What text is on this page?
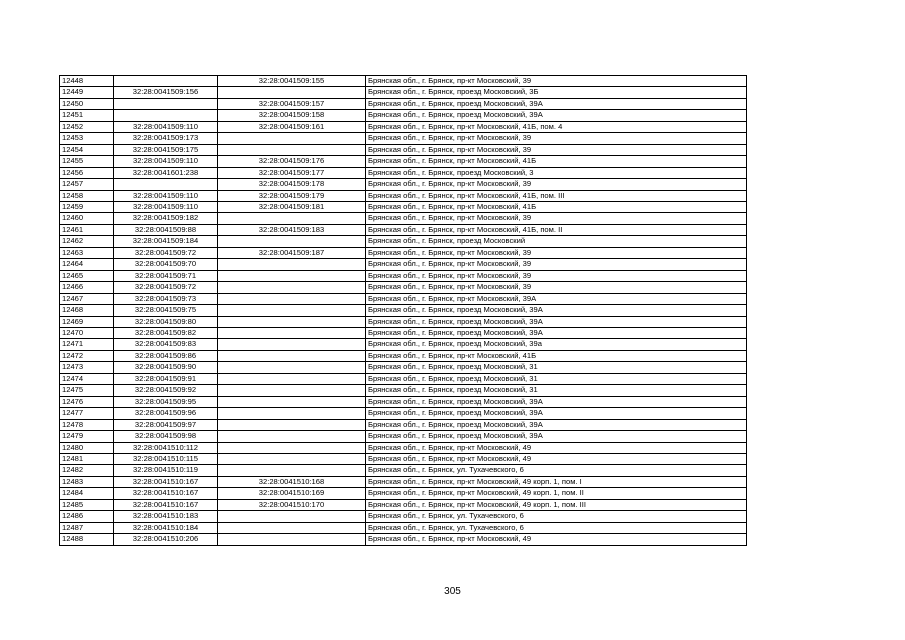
12448		32:28:0041509:155	Брянская обл., г. Брянск, пр-кт Московский, 39
12449	32:28:0041509:156		Брянская обл., г. Брянск, проезд Московский, 3Б
12450		32:28:0041509:157	Брянская обл., г. Брянск, проезд Московский, 39А
12451		32:28:0041509:158	Брянская обл., г. Брянск, проезд Московский, 39А
12452	32:28:0041509:110	32:28:0041509:161	Брянская обл., г. Брянск, пр-кт Московский, 41Б, пом. 4
12453	32:28:0041509:173		Брянская обл., г. Брянск, пр-кт Московский, 39
12454	32:28:0041509:175		Брянская обл., г. Брянск, пр-кт Московский, 39
12455	32:28:0041509:110	32:28:0041509:176	Брянская обл., г. Брянск, пр-кт Московский, 41Б
12456	32:28:0041601:238	32:28:0041509:177	Брянская обл., г. Брянск, проезд Московский, 3
12457		32:28:0041509:178	Брянская обл., г. Брянск, пр-кт Московский, 39
12458	32:28:0041509:110	32:28:0041509:179	Брянская обл., г. Брянск, пр-кт Московский, 41Б, пом. III
12459	32:28:0041509:110	32:28:0041509:181	Брянская обл., г. Брянск, пр-кт Московский, 41Б
12460	32:28:0041509:182		Брянская обл., г. Брянск, пр-кт Московский, 39
12461	32:28:0041509:88	32:28:0041509:183	Брянская обл., г. Брянск, пр-кт Московский, 41Б, пом. II
12462	32:28:0041509:184		Брянская обл., г. Брянск, проезд Московский
12463	32:28:0041509:72	32:28:0041509:187	Брянская обл., г. Брянск, пр-кт Московский, 39
12464	32:28:0041509:70		Брянская обл., г. Брянск, пр-кт Московский, 39
12465	32:28:0041509:71		Брянская обл., г. Брянск, пр-кт Московский, 39
12466	32:28:0041509:72		Брянская обл., г. Брянск, пр-кт Московский, 39
12467	32:28:0041509:73		Брянская обл., г. Брянск, пр-кт Московский, 39А
12468	32:28:0041509:75		Брянская обл., г. Брянск, проезд Московский, 39А
12469	32:28:0041509:80		Брянская обл., г. Брянск, проезд Московский, 39А
12470	32:28:0041509:82		Брянская обл., г. Брянск, проезд Московский, 39А
12471	32:28:0041509:83		Брянская обл., г. Брянск, проезд Московский, 39а
12472	32:28:0041509:86		Брянская обл., г. Брянск, пр-кт Московский, 41Б
12473	32:28:0041509:90		Брянская обл., г. Брянск, проезд Московский, 31
12474	32:28:0041509:91		Брянская обл., г. Брянск, проезд Московский, 31
12475	32:28:0041509:92		Брянская обл., г. Брянск, проезд Московский, 31
12476	32:28:0041509:95		Брянская обл., г. Брянск, проезд Московский, 39А
12477	32:28:0041509:96		Брянская обл., г. Брянск, проезд Московский, 39А
12478	32:28:0041509:97		Брянская обл., г. Брянск, проезд Московский, 39А
12479	32:28:0041509:98		Брянская обл., г. Брянск, проезд Московский, 39А
12480	32:28:0041510:112		Брянская обл., г. Брянск, пр-кт Московский, 49
12481	32:28:0041510:115		Брянская обл., г. Брянск, пр-кт Московский, 49
12482	32:28:0041510:119		Брянская обл., г. Брянск, ул. Тухачевского, 6
12483	32:28:0041510:167	32:28:0041510:168	Брянская обл., г. Брянск, пр-кт Московский, 49 корп. 1, пом. I
12484	32:28:0041510:167	32:28:0041510:169	Брянская обл., г. Брянск, пр-кт Московский, 49 корп. 1, пом. II
12485	32:28:0041510:167	32:28:0041510:170	Брянская обл., г. Брянск, пр-кт Московский, 49 корп. 1, пом. III
12486	32:28:0041510:183		Брянская обл., г. Брянск, ул. Тухачевского, 6
12487	32:28:0041510:184		Брянская обл., г. Брянск, ул. Тухачевского, 6
12488	32:28:0041510:206		Брянская обл., г. Брянск, пр-кт Московский, 49
305
